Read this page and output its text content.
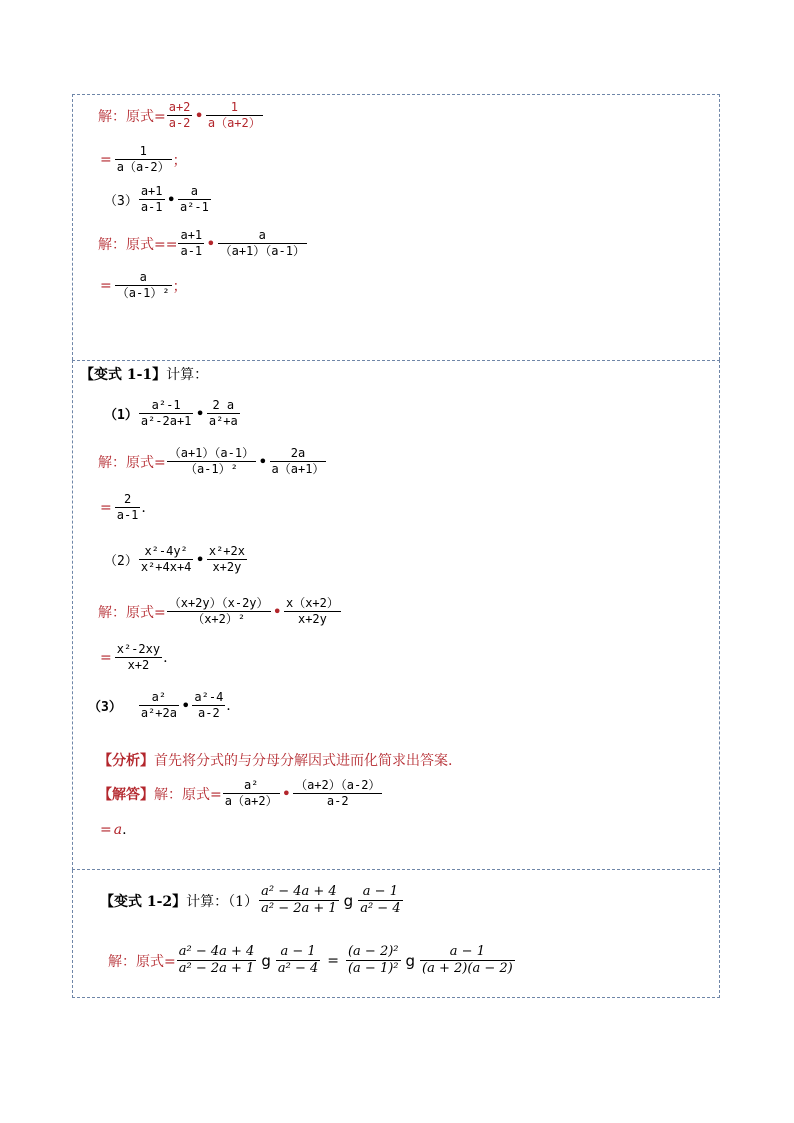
解：原式=
a+2
a-2 • 1
a（a+2）
=
1
a（a-2） ；
（3）
a+1
a-1 • a
a²-1
解：原式==
a+1
a-1 •	a
（a+1）（a-1）
=
a
（a-1）² ；
【变式 1-1】 计算：
（1）
a²-1
a²-2a+1 • 2 a
a²+a
解：原式=
（a+1）（a-1）
（a-1）² • 2a
a（a+1）
=
2
a-1 .
（2）
x²-4y²
x²+4x+4 • x²+2x
x+2y
解：原式=
（x+2y）（x-2y）
（x+2）² • x（x+2）
x+2y
=
x²-2xy
x+2 .
（3）
a²
a²+2a • a²-4
a-2 .
【分析】 首先将分式的与分母分解因式进而化简求出答案.
【解答】 解：原式=
a²
a（a+2） • （a+2）（a-2）
a-2
= a .
【变式 1-2】 计算：（1）
a² − 4a + 4
a² − 2a + 1 g a − 1
a² − 4
解：原式=
a² − 4a + 4
a² − 2a + 1 g a − 1
a² − 4 =
(a − 2)²
(a − 1)² g	a − 1
(a + 2)(a − 2)
